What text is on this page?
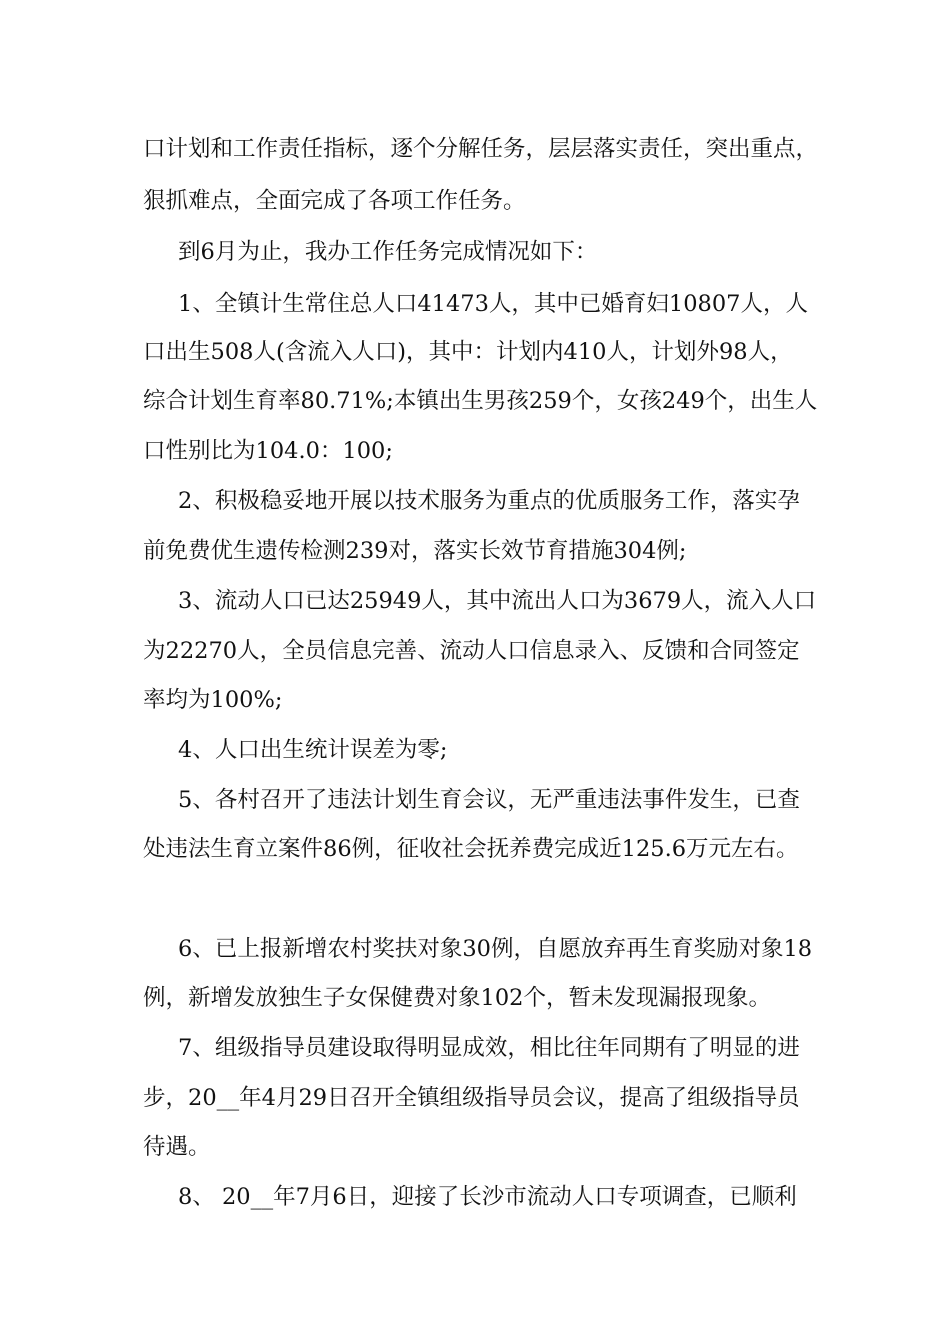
口计划和工作责任指标，逐个分解任务，层层落实责任，突出重点，
狠抓难点，全面完成了各项工作任务。
到6月为止，我办工作任务完成情况如下：
1、全镇计生常住总人口41473人，其中已婚育妇10807人，人
口出生508人(含流入人口)，其中：计划内410人，计划外98人，
综合计划生育率80.71%;本镇出生男孩259个，女孩249个，出生人
口性别比为104.0：100;
2、积极稳妥地开展以技术服务为重点的优质服务工作，落实孕
前免费优生遗传检测239对，落实长效节育措施304例;
3、流动人口已达25949人，其中流出人口为3679人，流入人口
为22270人，全员信息完善、流动人口信息录入、反馈和合同签定
率均为100%;
4、人口出生统计误差为零;
5、各村召开了违法计划生育会议，无严重违法事件发生，已查
处违法生育立案件86例，征收社会抚养费完成近125.6万元左右。
6、已上报新增农村奖扶对象30例，自愿放弃再生育奖励对象18
例，新增发放独生子女保健费对象102个，暂未发现漏报现象。
7、组级指导员建设取得明显成效，相比往年同期有了明显的进
步，20__年4月29日召开全镇组级指导员会议，提高了组级指导员
待遇。
8、 20__年7月6日，迎接了长沙市流动人口专项调查，已顺利
